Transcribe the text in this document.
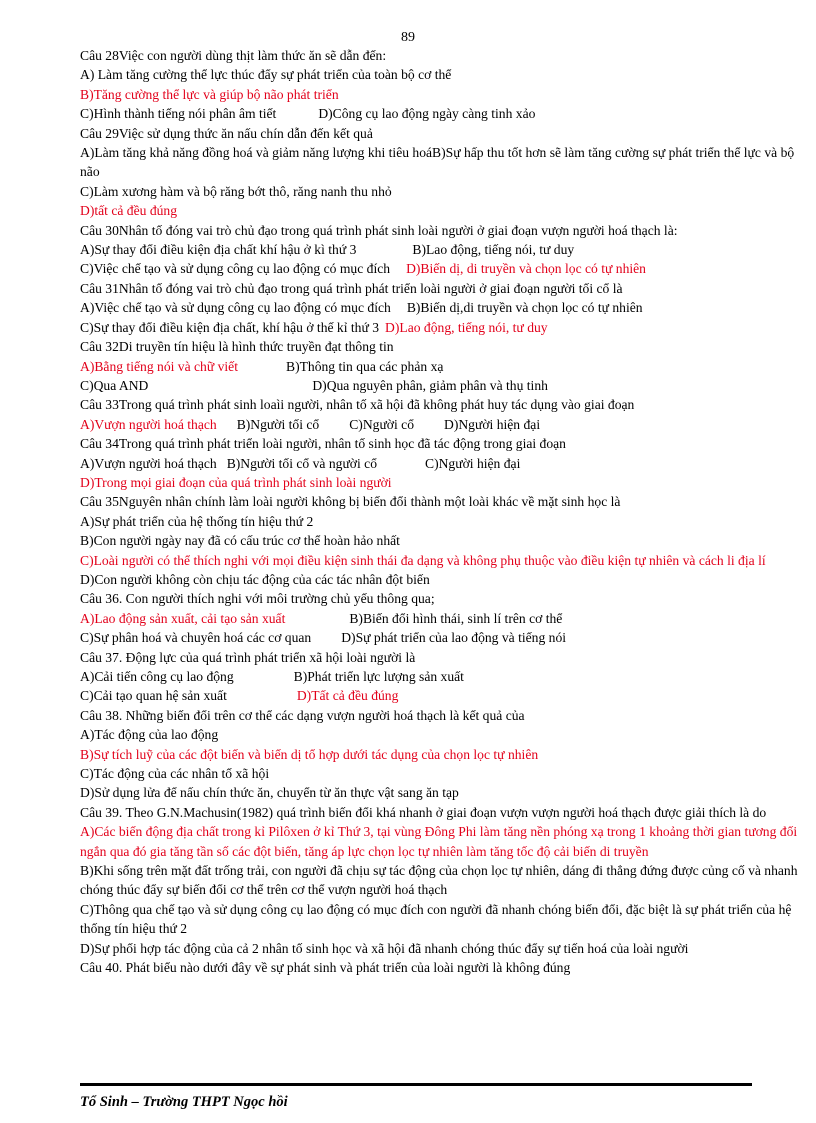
89
Câu 28Việc con người dùng thịt làm thức ăn sẽ dẫn đến:
A) Làm tăng cường thể lực thúc đẩy sự phát triển của toàn bộ cơ thể
B)Tăng cường thể lực và giúp bộ não phát triển
C)Hình thành tiếng nói phân âm tiết	D)Công cụ lao động ngày càng tinh xảo
Câu 29Việc sử dụng thức ăn nấu chín dẫn đến kết quả
A)Làm tăng khả năng đồng hoá và giảm năng lượng khi tiêu hoáB)Sự hấp thu tốt hơn sẽ làm tăng cường sự phát triển thể lực và bộ não
C)Làm xương hàm và bộ răng bớt thô, răng nanh thu nhỏ
D)tất cả đều đúng
Câu 30Nhân tố đóng vai trò chủ đạo trong quá trình phát sinh loài người ở giai đoạn vượn người hoá thạch là:
A)Sự thay đổi điều kiện địa chất khí hậu ở kì thứ 3	B)Lao động, tiếng nói, tư duy
C)Việc chế tạo và sử dụng công cụ lao động có mục đích D)Biến dị, di truyền và chọn lọc có tự nhiên
Câu 31Nhân tố đóng vai trò chủ đạo trong quá trình phát triển loài người ở giai đoạn người tối cổ là
A)Việc chế tạo và sử dụng công cụ lao động có mục đích B)Biến dị,di truyền và chọn lọc có tự nhiên
C)Sự thay đổi điều kiện địa chất, khí hậu ở thế kỉ thứ 3 D)Lao động, tiếng nói, tư duy
Câu 32Di truyền tín hiệu là hình thức truyền đạt thông tin
A)Bằng tiếng nói và chữ viết	B)Thông tin qua các phản xạ
C)Qua AND	D)Qua nguyên phân, giảm phân và thụ tinh
Câu 33Trong quá trình phát sinh loaìi người, nhân tố xã hội đã không phát huy tác dụng vào giai đoạn
A)Vượn người hoá thạch B)Người tối cổ C)Người cổ D)Người hiện đại
Câu 34Trong quá trình phát triển loài người, nhân tố sinh học đã tác động trong giai đoạn
A)Vượn người hoá thạch B)Người tối cổ và người cổ	C)Người hiện đại
D)Trong mọi giai đoạn của quá trình phát sinh loài người
Câu 35Nguyên nhân chính làm loài người không bị biến đổi thành một loài khác về mặt sinh học là
A)Sự phát triển của hệ thống tín hiệu thứ 2
B)Con người ngày nay đã có cấu trúc cơ thể hoàn hảo nhất
C)Loài người có thể thích nghi với mọi điều kiện sinh thái đa dạng và không phụ thuộc vào điều kiện tự nhiên và cách li địa lí
D)Con người không còn chịu tác động của các tác nhân đột biến
Câu 36. Con người thích nghi với môi trường chủ yếu thông qua;
A)Lao động sản xuất, cải tạo sản xuất	B)Biến đổi hình thái, sinh lí trên cơ thể
C)Sự phân hoá và chuyên hoá các cơ quan D)Sự phát triển của lao động và tiếng nói
Câu 37. Động lực của quá trình phát triển xã hội loài người là
A)Cải tiến công cụ lao động	B)Phát triển lực lượng sản xuất
C)Cải tạo quan hệ sản xuất	D)Tất cả đều đúng
Câu 38. Những biến đổi trên cơ thể các dạng vượn người hoá thạch là kết quả của
A)Tác động của lao động
B)Sự tích luỹ của các đột biến và biến dị tổ hợp dưới tác dụng của chọn lọc tự nhiên
C)Tác động của các nhân tố xã hội
D)Sử dụng lửa để nấu chín thức ăn, chuyển từ ăn thực vật sang ăn tạp
Câu 39. Theo G.N.Machusin(1982) quá trình biến đổi khá nhanh ở giai đoạn vượn vượn người hoá thạch được giải thích là do
A)Các biến động địa chất trong kỉ Pilôxen ở kỉ Thứ 3, tại vùng Đông Phi làm tăng nền phóng xạ trong 1 khoảng thời gian tương đối ngắn qua đó gia tăng tần số các đột biến, tăng áp lực chọn lọc tự nhiên làm tăng tốc độ cải biến di truyền
B)Khi sống trên mặt đất trống trải, con người đã chịu sự tác động của chọn lọc tự nhiên, dáng đi thẳng đứng được củng cố và nhanh chóng thúc đẩy sự biến đổi cơ thể trên cơ thể vượn người hoá thạch
C)Thông qua chế tạo và sử dụng công cụ lao động có mục đích con người đã nhanh chóng biến đổi, đặc biệt là sự phát triển của hệ thống tín hiệu thứ 2
D)Sự phối hợp tác động của cả 2 nhân tố sinh học và xã hội đã nhanh chóng thúc đẩy sự tiến hoá của loài người
Câu 40. Phát biểu nào dưới đây về sự phát sinh và phát triển của loài người là không đúng
Tổ Sinh – Trường THPT Ngọc hồi
